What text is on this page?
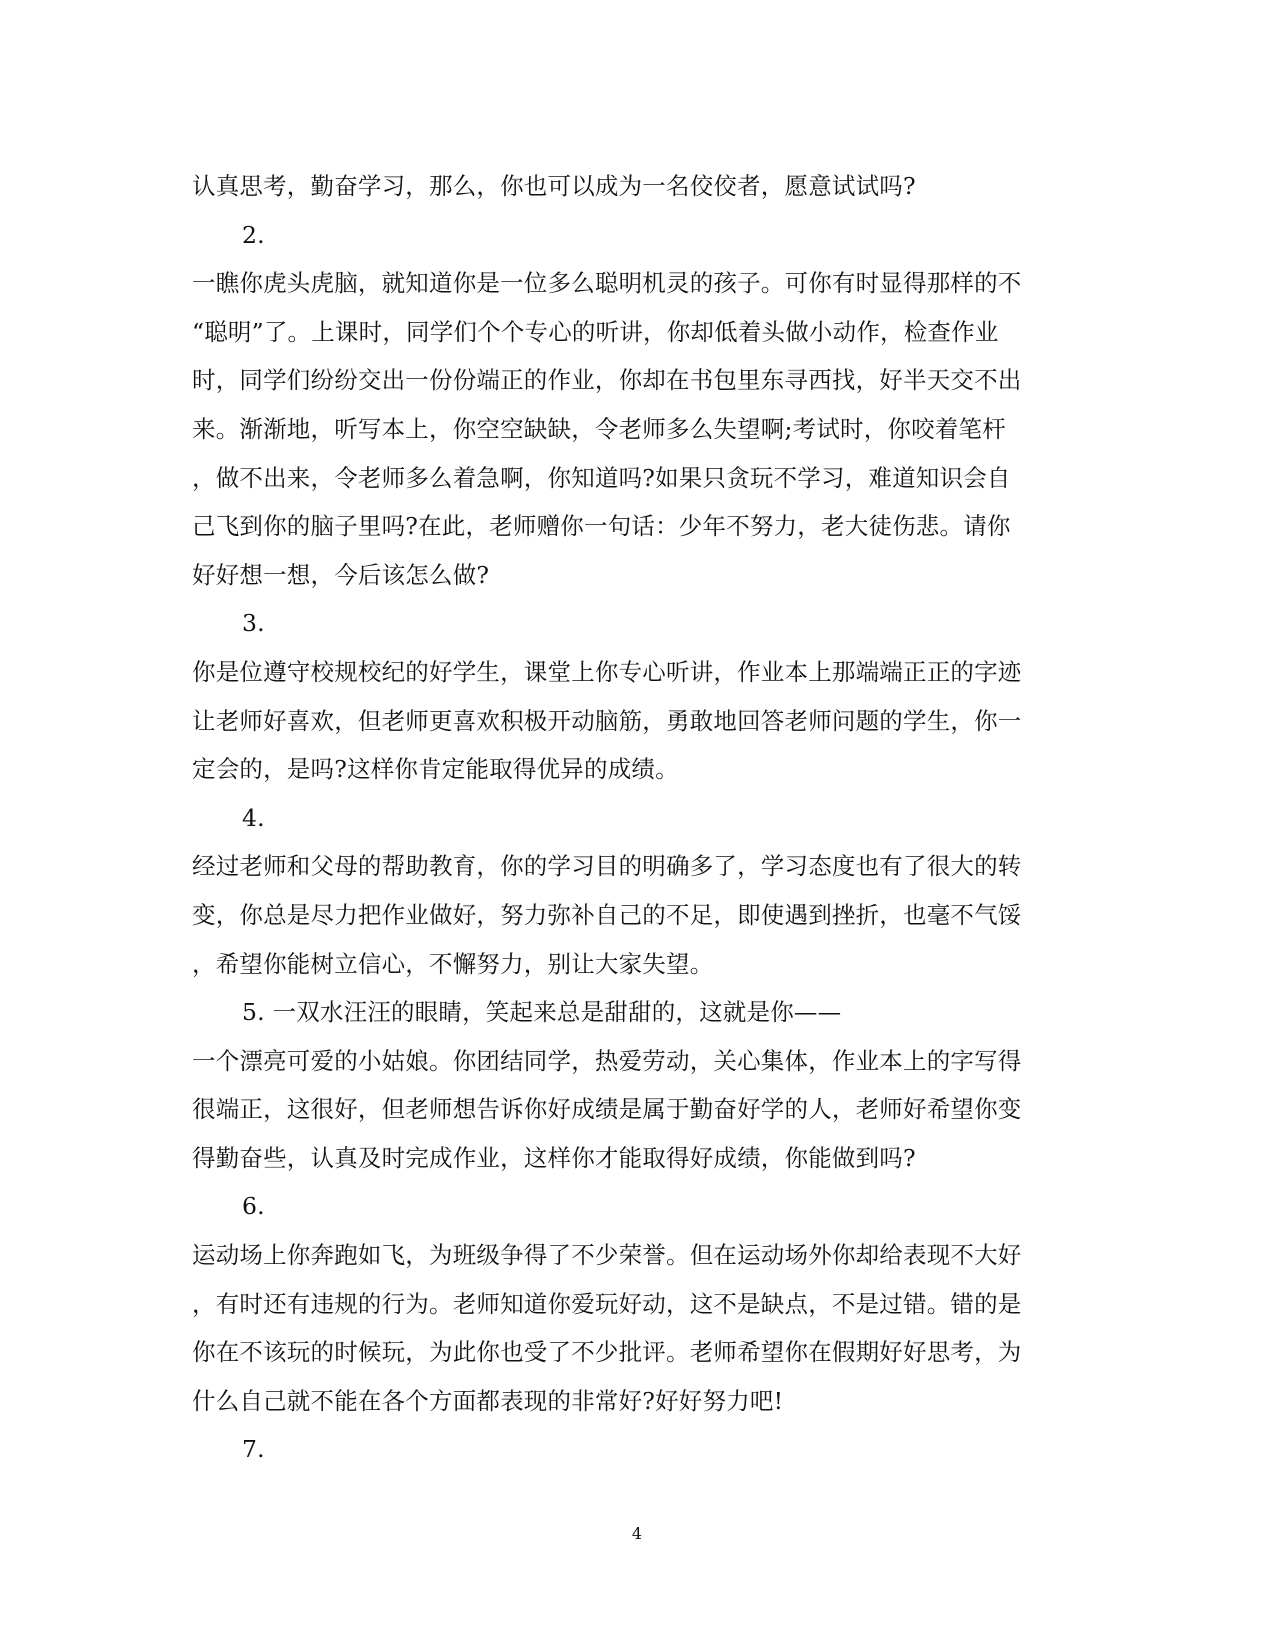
认真思考，勤奋学习，那么，你也可以成为一名佼佼者，愿意试试吗?
2.
一瞧你虎头虎脑，就知道你是一位多么聪明机灵的孩子。可你有时显得那样的不
“聪明”了。上课时，同学们个个专心的听讲，你却低着头做小动作，检查作业
时，同学们纷纷交出一份份端正的作业，你却在书包里东寻西找，好半天交不出
来。渐渐地，听写本上，你空空缺缺，令老师多么失望啊;考试时，你咬着笔杆
，做不出来，令老师多么着急啊，你知道吗?如果只贪玩不学习，难道知识会自
己飞到你的脑子里吗?在此，老师赠你一句话：少年不努力，老大徒伤悲。请你
好好想一想，今后该怎么做?
3.
你是位遵守校规校纪的好学生，课堂上你专心听讲，作业本上那端端正正的字迹
让老师好喜欢，但老师更喜欢积极开动脑筋，勇敢地回答老师问题的学生，你一
定会的，是吗?这样你肯定能取得优异的成绩。
4.
经过老师和父母的帮助教育，你的学习目的明确多了，学习态度也有了很大的转
变，你总是尽力把作业做好，努力弥补自己的不足，即使遇到挫折，也毫不气馁
，希望你能树立信心，不懈努力，别让大家失望。
5. 一双水汪汪的眼睛，笑起来总是甜甜的，这就是你——
一个漂亮可爱的小姑娘。你团结同学，热爱劳动，关心集体，作业本上的字写得
很端正，这很好，但老师想告诉你好成绩是属于勤奋好学的人，老师好希望你变
得勤奋些，认真及时完成作业，这样你才能取得好成绩，你能做到吗?
6.
运动场上你奔跑如飞，为班级争得了不少荣誉。但在运动场外你却给表现不大好
，有时还有违规的行为。老师知道你爱玩好动，这不是缺点，不是过错。错的是
你在不该玩的时候玩，为此你也受了不少批评。老师希望你在假期好好思考，为
什么自己就不能在各个方面都表现的非常好?好好努力吧!
7.
4
